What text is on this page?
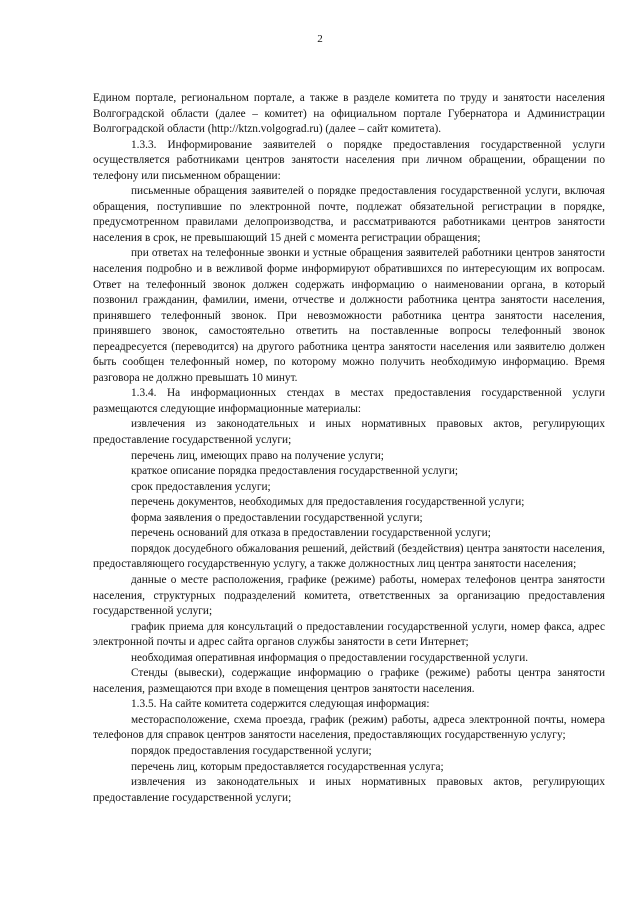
2

Едином портале, региональном портале, а также в разделе комитета по труду и занятости населения Волгоградской области (далее – комитет) на официальном портале Губернатора и Администрации Волгоградской области (http://ktzn.volgograd.ru) (далее – сайт комитета).

1.3.3. Информирование заявителей о порядке предоставления государственной услуги осуществляется работниками центров занятости населения при личном обращении, обращении по телефону или письменном обращении:

письменные обращения заявителей о порядке предоставления государственной услуги, включая обращения, поступившие по электронной почте, подлежат обязательной регистрации в порядке, предусмотренном правилами делопроизводства, и рассматриваются работниками центров занятости населения в срок, не превышающий 15 дней с момента регистрации обращения;

при ответах на телефонные звонки и устные обращения заявителей работники центров занятости населения подробно и в вежливой форме информируют обратившихся по интересующим их вопросам. Ответ на телефонный звонок должен содержать информацию о наименовании органа, в который позвонил гражданин, фамилии, имени, отчестве и должности работника центра занятости населения, принявшего телефонный звонок. При невозможности работника центра занятости населения, принявшего звонок, самостоятельно ответить на поставленные вопросы телефонный звонок переадресуется (переводится) на другого работника центра занятости населения или заявителю должен быть сообщен телефонный номер, по которому можно получить необходимую информацию. Время разговора не должно превышать 10 минут.

1.3.4. На информационных стендах в местах предоставления государственной услуги размещаются следующие информационные материалы:

извлечения из законодательных и иных нормативных правовых актов, регулирующих предоставление государственной услуги;

перечень лиц, имеющих право на получение услуги;

краткое описание порядка предоставления государственной услуги;

срок предоставления услуги;

перечень документов, необходимых для предоставления государственной услуги;

форма заявления о предоставлении государственной услуги;

перечень оснований для отказа в предоставлении государственной услуги;

порядок досудебного обжалования решений, действий (бездействия) центра занятости населения, предоставляющего государственную услугу, а также должностных лиц центра занятости населения;

данные о месте расположения, графике (режиме) работы, номерах телефонов центра занятости населения, структурных подразделений комитета, ответственных за организацию предоставления государственной услуги;

график приема для консультаций о предоставлении государственной услуги, номер факса, адрес электронной почты и адрес сайта органов службы занятости в сети Интернет;

необходимая оперативная информация о предоставлении государственной услуги.

Стенды (вывески), содержащие информацию о графике (режиме) работы центра занятости населения, размещаются при входе в помещения центров занятости населения.

1.3.5. На сайте комитета содержится следующая информация:

месторасположение, схема проезда, график (режим) работы, адреса электронной почты, номера телефонов для справок центров занятости населения, предоставляющих государственную услугу;

порядок предоставления государственной услуги;

перечень лиц, которым предоставляется государственная услуга;

извлечения из законодательных и иных нормативных правовых актов, регулирующих предоставление государственной услуги;
